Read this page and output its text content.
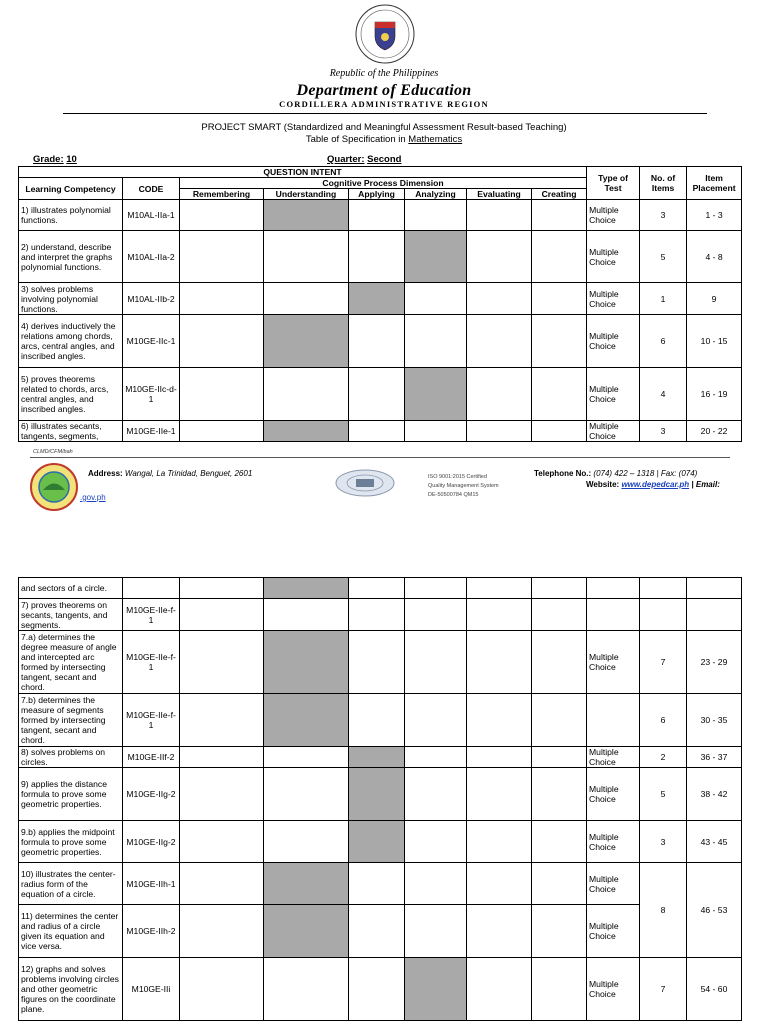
Republic of the Philippines
Department of Education
CORDILLERA ADMINISTRATIVE REGION
PROJECT SMART (Standardized and Meaningful Assessment Result-based Teaching)
Table of Specification in Mathematics
Grade: 10	Quarter: Second
QUESTION INTENT								Type of Test	No. of Items	Item Placement
Learning Competency	CODE	Cognitive Process Dimension								
		Remembering	Understanding	Applying	Analyzing	Evaluating	Creating			
1) illustrates polynomial functions.	M10AL-IIa-1							Multiple Choice	3	1 - 3
2) understand, describe and interpret the graphs polynomial functions.	M10AL-IIa-2							Multiple Choice	5	4 - 8
3) solves problems involving polynomial functions.	M10AL-IIb-2							Multiple Choice	1	9
4) derives inductively the relations among chords, arcs, central angles, and inscribed angles.	M10GE-IIc-1							Multiple Choice	6	10 - 15
5) proves theorems related to chords, arcs, central angles, and inscribed angles.	M10GE-IIc-d-1							Multiple Choice	4	16 - 19
6) illustrates secants, tangents, segments,	M10GE-IIe-1							Multiple Choice	3	20 - 22
CLMD/CFM/bah
Address: Wangal, La Trinidad, Benguet, 2601
.gov.ph
ISO 9001:2015 Certified
Quality Management System
DE-50500784 QM15
Telephone No.: (074) 422 – 1318 | Fax: (074)
Website: www.depedcar.ph | Email:
and sectors of a circle.										
7) proves theorems on secants, tangents, and segments.	M10GE-IIe-f-1									
7.a) determines the degree measure of angle and intercepted arc formed by intersecting tangent, secant and chord.	M10GE-IIe-f-1							Multiple Choice	7	23 - 29
7.b) determines the measure of segments formed by intersecting tangent, secant and chord.	M10GE-IIe-f-1								6	30 - 35
8) solves problems on circles.	M10GE-IIf-2							Multiple Choice	2	36 - 37
9) applies the distance formula to prove some geometric properties.	M10GE-IIg-2							Multiple Choice	5	38 - 42
9.b) applies the midpoint formula to prove some geometric properties.	M10GE-IIg-2							Multiple Choice	3	43 - 45
10) illustrates the center-radius form of the equation of a circle.	M10GE-IIh-1							Multiple Choice	8	46 - 53
11) determines the center and radius of a circle given its equation and vice versa.	M10GE-IIh-2							Multiple Choice		
12) graphs and solves problems involving circles and other geometric figures on the coordinate plane.	M10GE-IIi							Multiple Choice	7	54 - 60
